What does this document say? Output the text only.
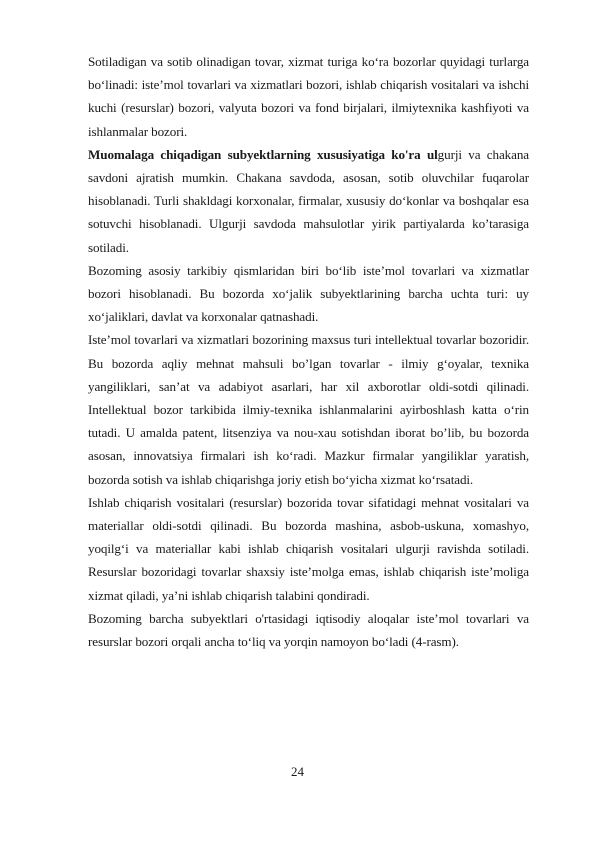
Sotiladigan va sotib olinadigan tovar, xizmat turiga ko‘ra bozorlar quyidagi turlarga bo‘linadi: iste’mol tovarlari va xizmatlari bozori, ishlab chiqarish vositalari va ishchi kuchi (resurslar) bozori, valyuta bozori va fond birjalari, ilmiytexnika kashfiyoti va ishlanmalar bozori.

Muomalaga chiqadigan subyektlarning xususiyatiga ko'ra ulgurji va chakana savdoni ajratish mumkin. Chakana savdoda, asosan, sotib oluvchilar fuqarolar hisoblanadi. Turli shakldagi korxonalar, firmalar, xususiy do‘konlar va boshqalar esa sotuvchi hisoblanadi. Ulgurji savdoda mahsulotlar yirik partiyalarda ko’tarasiga sotiladi.

Bozoming asosiy tarkibiy qismlaridan biri bo‘lib iste’mol tovarlari va xizmatlar bozori hisoblanadi. Bu bozorda xo‘jalik subyektlarining barcha uchta turi: uy xo‘jaliklari, davlat va korxonalar qatnashadi.

Iste’mol tovarlari va xizmatlari bozorining maxsus turi intellektual tovarlar bozoridir. Bu bozorda aqliy mehnat mahsuli bo’lgan tovarlar - ilmiy g‘oyalar, texnika yangiliklari, san’at va adabiyot asarlari, har xil axborotlar oldi-sotdi qilinadi. Intellektual bozor tarkibida ilmiy-texnika ishlanmalarini ayirboshlash katta o‘rin tutadi. U amalda patent, litsenziya va nou-xau sotishdan iborat bo’lib, bu bozorda asosan, innovatsiya firmalari ish ko‘radi. Mazkur firmalar yangiliklar yaratish, bozorda sotish va ishlab chiqarishga joriy etish bo‘yicha xizmat ko‘rsatadi.

Ishlab chiqarish vositalari (resurslar) bozorida tovar sifatidagi mehnat vositalari va materiallar oldi-sotdi qilinadi. Bu bozorda mashina, asbob-uskuna, xomashyo, yoqilg‘i va materiallar kabi ishlab chiqarish vositalari ulgurji ravishda sotiladi. Resurslar bozoridagi tovarlar shaxsiy iste’molga emas, ishlab chiqarish iste’moliga xizmat qiladi, ya’ni ishlab chiqarish talabini qondiradi.

Bozoming barcha subyektlari o'rtasidagi iqtisodiy aloqalar iste’mol tovarlari va resurslar bozori orqali ancha to‘liq va yorqin namoyon bo‘ladi (4-rasm).

24
